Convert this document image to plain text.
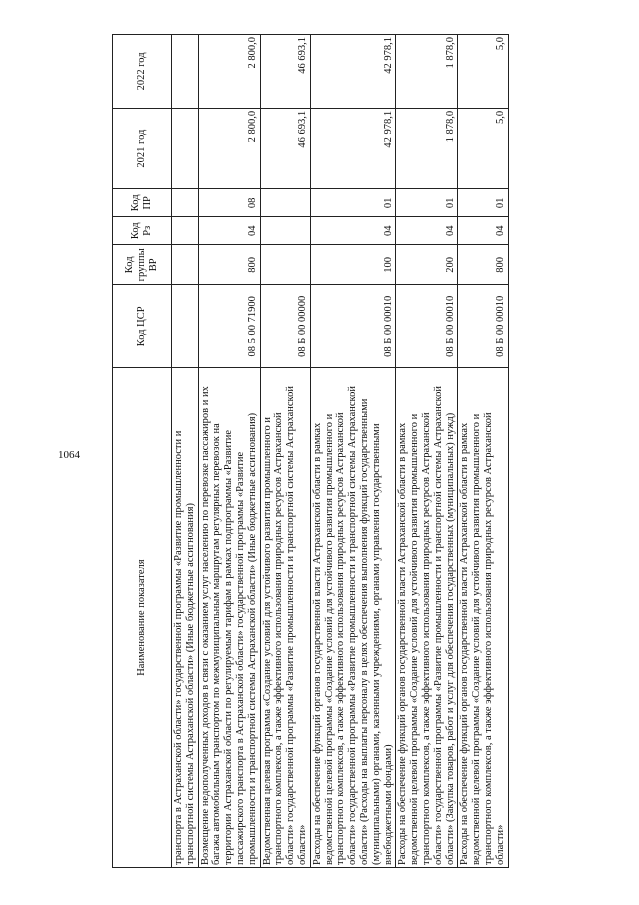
1064
Наименование показателя	Код ЦСР	Код группы ВР	Код Рз	Код ПР	2021 год	2022 год
транспорта в Астраханской области» государственной программы «Развитие промышленности и транспортной системы Астраханской области» (Иные бюджетные ассигнования)						
Возмещение недополученных доходов в связи с оказанием услуг населению по перевозке пассажиров и их багажа автомобильным транспортом по межмуниципальным маршрутам регулярных перевозок на территории Астраханской области по регулируемым тарифам в рамках подпрограммы «Развитие пассажирского транспорта в Астраханской области» государственной программы «Развитие промышленности и транспортной системы Астраханской области» (Иные бюджетные ассигнования)	08 5 00 71900	800	04	08	2 800,0	2 800,0
Ведомственная целевая программа «Создание условий для устойчивого развития промышленного и транспортного комплексов, а также эффективного использования природных ресурсов Астраханской области» государственной программы «Развитие промышленности и транспортной системы Астраханской области»	08 Б 00 00000				46 693,1	46 693,1
Расходы на обеспечение функций органов государственной власти Астраханской области в рамках ведомственной целевой программы «Создание условий для устойчивого развития промышленного и транспортного комплексов, а также эффективного использования природных ресурсов Астраханской области» государственной программы «Развитие промышленности и транспортной системы Астраханской области» (Расходы на выплаты персоналу в целях обеспечения выполнения функций государственными (муниципальными) органами, казенными учреждениями, органами управления государственными внебюджетными фондами)	08 Б 00 00010	100	04	01	42 978,1	42 978,1
Расходы на обеспечение функций органов государственной власти Астраханской области в рамках ведомственной целевой программы «Создание условий для устойчивого развития промышленного и транспортного комплексов, а также эффективного использования природных ресурсов Астраханской области» государственной программы «Развитие промышленности и транспортной системы Астраханской области» (Закупка товаров, работ и услуг для обеспечения государственных (муниципальных) нужд)	08 Б 00 00010	200	04	01	1 878,0	1 878,0
Расходы на обеспечение функций органов государственной власти Астраханской области в рамках ведомственной целевой программы «Создание условий для устойчивого развития промышленного и транспортного комплексов, а также эффективного использования природных ресурсов Астраханской области»	08 Б 00 00010	800	04	01	5,0	5,0
